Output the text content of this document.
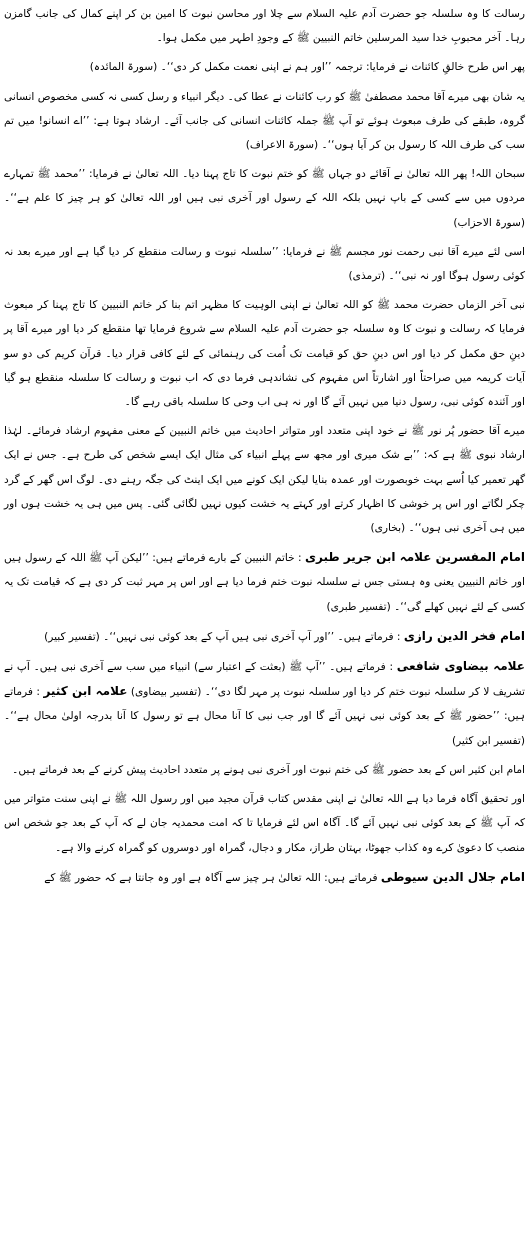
رسالت کا وہ سلسلہ جو حضرت آدم علیہ السلام سے چلا اور محاسن نبوت کا امین بن کر اپنے کمال کی جانب گامزن رہا۔ آخر محبوبِ خدا سید المرسلین خاتم النبیین ﷺ کے وجودِ اطہر میں مکمل ہوا۔

پھر اس طرح خالقِ کائنات نے فرمایا: ترجمہ ’’اور ہم نے اپنی نعمت مکمل کر دی‘‘۔ (سورۃ المائدہ)

یہ شان بھی میرے آقا محمد مصطفیٰ ﷺ کو رب کائنات نے عطا کی۔ دیگر انبیاء و رسل کسی نہ کسی مخصوص انسانی گروہ، طبقے کی طرف مبعوث ہوئے تو آپ ﷺ جملہ کائنات انسانی کی جانب آئے۔ ارشاد ہوتا ہے: ’’اے انسانو! میں تم سب کی طرف اللہ کا رسول بن کر آیا ہوں‘‘۔ (سورۃ الاعراف)

سبحان اللہ! پھر اللہ تعالیٰ نے آقائے دو جہاں ﷺ کو ختم نبوت کا تاج پہنا دیا۔ اللہ تعالیٰ نے فرمایا: ’’محمد ﷺ تمہارے مردوں میں سے کسی کے باپ نہیں بلکہ اللہ کے رسول اور آخری نبی ہیں اور اللہ تعالیٰ کو ہر چیز کا علم ہے‘‘۔ (سورۃ الاحزاب)

اسی لئے میرے آقا نبی رحمت نور مجسم ﷺ نے فرمایا: ’’سلسلہ نبوت و رسالت منقطع کر دیا گیا ہے اور میرے بعد نہ کوئی رسول ہوگا اور نہ نبی‘‘۔ (ترمذی)

نبی آخر الزماں حضرت محمد ﷺ کو اللہ تعالیٰ نے اپنی الوہیت کا مظہر اتم بنا کر خاتم النبیین کا تاج پہنا کر مبعوث فرمایا کہ رسالت و نبوت کا وہ سلسلہ جو حضرت آدم علیہ السلام سے شروع فرمایا تھا منقطع کر دیا اور میرے آقا پر دینِ حق مکمل کر دیا اور اس دینِ حق کو قیامت تک اُمت کی رہنمائی کے لئے کافی قرار دیا۔ قرآن کریم کی دو سو آیات کریمہ میں صراحتاً اور اشارتاً اس مفہوم کی نشاندہی فرما دی کہ اب نبوت و رسالت کا سلسلہ منقطع ہو گیا اور آئندہ کوئی نبی، رسول دنیا میں نہیں آئے گا اور نہ ہی اب وحی کا سلسلہ باقی رہے گا۔

میرے آقا حضور پُر نور ﷺ نے خود اپنی متعدد اور متواتر احادیث میں خاتم النبیین کے معنی مفہوم ارشاد فرمائے۔ لہٰذا ارشاد نبوی ﷺ ہے کہ: ’’بے شک میری اور مجھ سے پہلے انبیاء کی مثال ایک ایسے شخص کی طرح ہے۔ جس نے ایک گھر تعمیر کیا اُسے بہت خوبصورت اور عمدہ بنایا لیکن ایک کونے میں ایک اینٹ کی جگہ رہنے دی۔ لوگ اس گھر کے گرد چکر لگاتے اور اس پر خوشی کا اظہار کرتے اور کہتے یہ خشت کیوں نہیں لگائی گئی۔ پس میں ہی یہ خشت ہوں اور میں ہی آخری نبی ہوں‘‘۔ (بخاری)

امام المفسرین علامہ ابن جریر طبری : خاتم النبیین کے بارے فرماتے ہیں: ’’لیکن آپ ﷺ اللہ کے رسول ہیں اور خاتم النبیین یعنی وہ ہستی جس نے سلسلہ نبوت ختم فرما دیا ہے اور اس پر مہر ثبت کر دی ہے کہ قیامت تک یہ کسی کے لئے نہیں کھلے گی‘‘۔ (تفسیر طبری)

امام فخر الدین رازی : فرماتے ہیں۔ ’’اور آپ آخری نبی ہیں آپ کے بعد کوئی نبی نہیں‘‘۔ (تفسیر کبیر)

علامہ بیضاوی شافعی : فرماتے ہیں۔ ’’آپ ﷺ (بعثت کے اعتبار سے) انبیاء میں سب سے آخری نبی ہیں۔ آپ نے تشریف لا کر سلسلہ نبوت ختم کر دیا اور سلسلہ نبوت پر مہر لگا دی‘‘۔ (تفسیر بیضاوی) علامہ ابن کثیر : فرماتے ہیں: ’’حضور ﷺ کے بعد کوئی نبی نہیں آئے گا اور جب نبی کا آنا محال ہے تو رسول کا آنا بدرجہ اولیٰ محال ہے‘‘۔ (تفسیر ابن کثیر)

امام ابن کثیر اس کے بعد حضور ﷺ کی ختم نبوت اور آخری نبی ہونے پر متعدد احادیث پیش کرنے کے بعد فرماتے ہیں۔

اور تحقیق آگاہ فرما دیا ہے اللہ تعالیٰ نے اپنی مقدس کتاب قرآن مجید میں اور رسول اللہ ﷺ نے اپنی سنت متواتر میں کہ آپ ﷺ کے بعد کوئی نبی نہیں آئے گا۔ آگاہ اس لئے فرمایا تا کہ امت محمدیہ جان لے کہ آپ کے بعد جو شخص اس منصب کا دعویٰ کرے وہ کذاب جھوٹا، بہتان طراز، مکار و دجال، گمراہ اور دوسروں کو گمراہ کرنے والا ہے۔

امام جلال الدین سیوطی فرماتے ہیں: اللہ تعالیٰ ہر چیز سے آگاہ ہے اور وہ جانتا ہے کہ حضور ﷺ کے
